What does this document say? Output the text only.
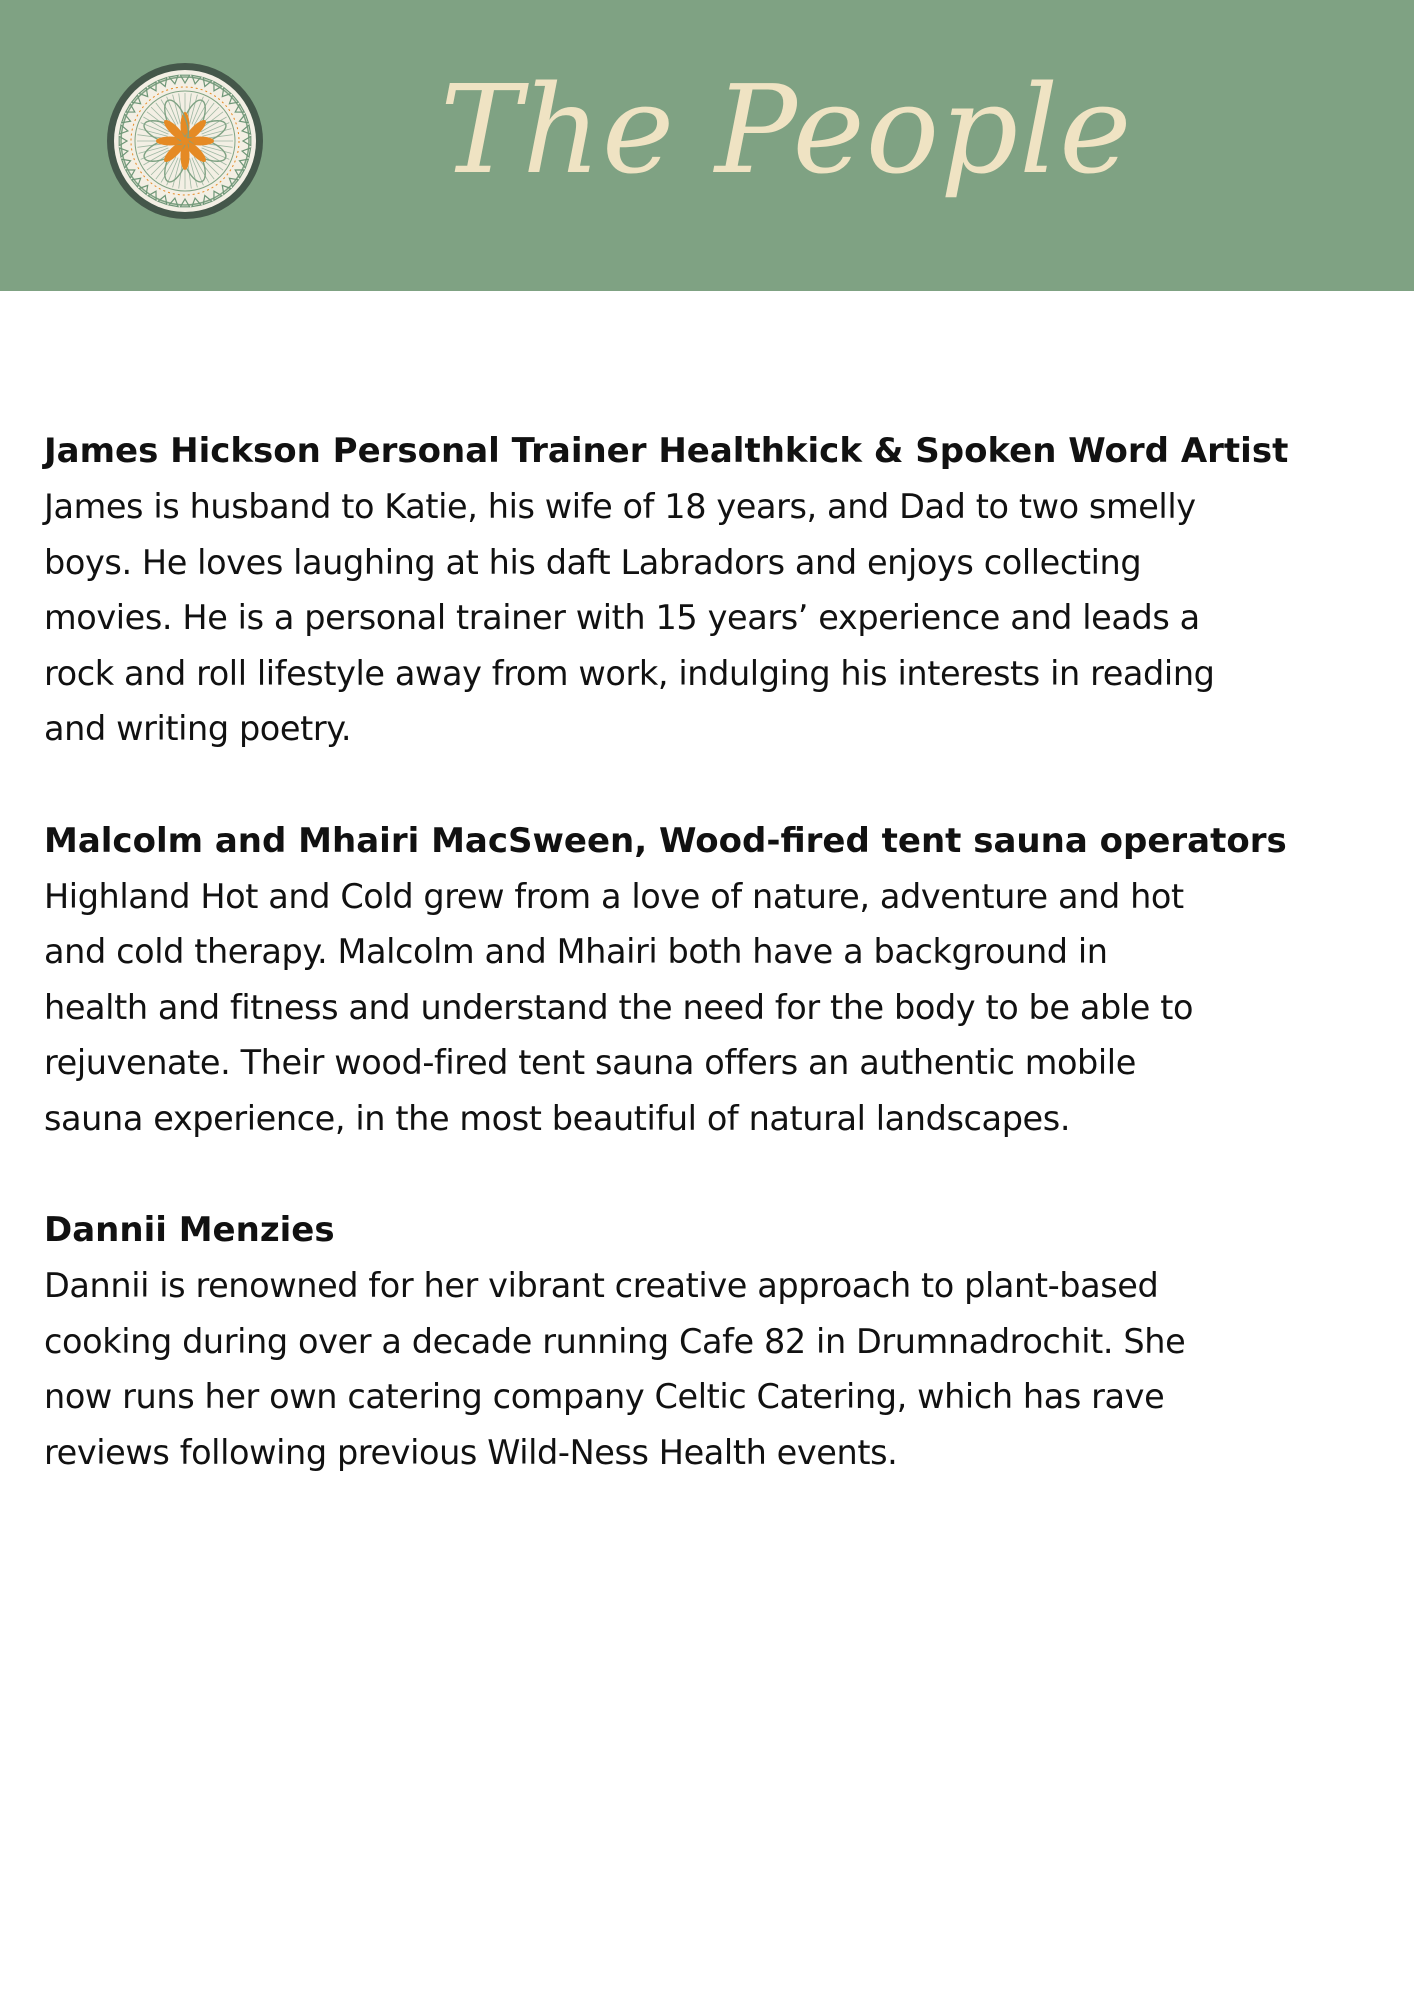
The People

James Hickson Personal Trainer Healthkick & Spoken Word Artist

James is husband to Katie, his wife of 18 years, and Dad to two smelly
boys. He loves laughing at his daft Labradors and enjoys collecting
movies. He is a personal trainer with 15 years’ experience and leads a
rock and roll lifestyle away from work, indulging his interests in reading
and writing poetry.

Malcolm and Mhairi MacSween, Wood-fired tent sauna operators

Highland Hot and Cold grew from a love of nature, adventure and hot
and cold therapy. Malcolm and Mhairi both have a background in
health and fitness and understand the need for the body to be able to
rejuvenate. Their wood-fired tent sauna offers an authentic mobile
sauna experience, in the most beautiful of natural landscapes.

Dannii Menzies

Dannii is renowned for her vibrant creative approach to plant-based
cooking during over a decade running Cafe 82 in Drumnadrochit. She
now runs her own catering company Celtic Catering, which has rave
reviews following previous Wild-Ness Health events.
